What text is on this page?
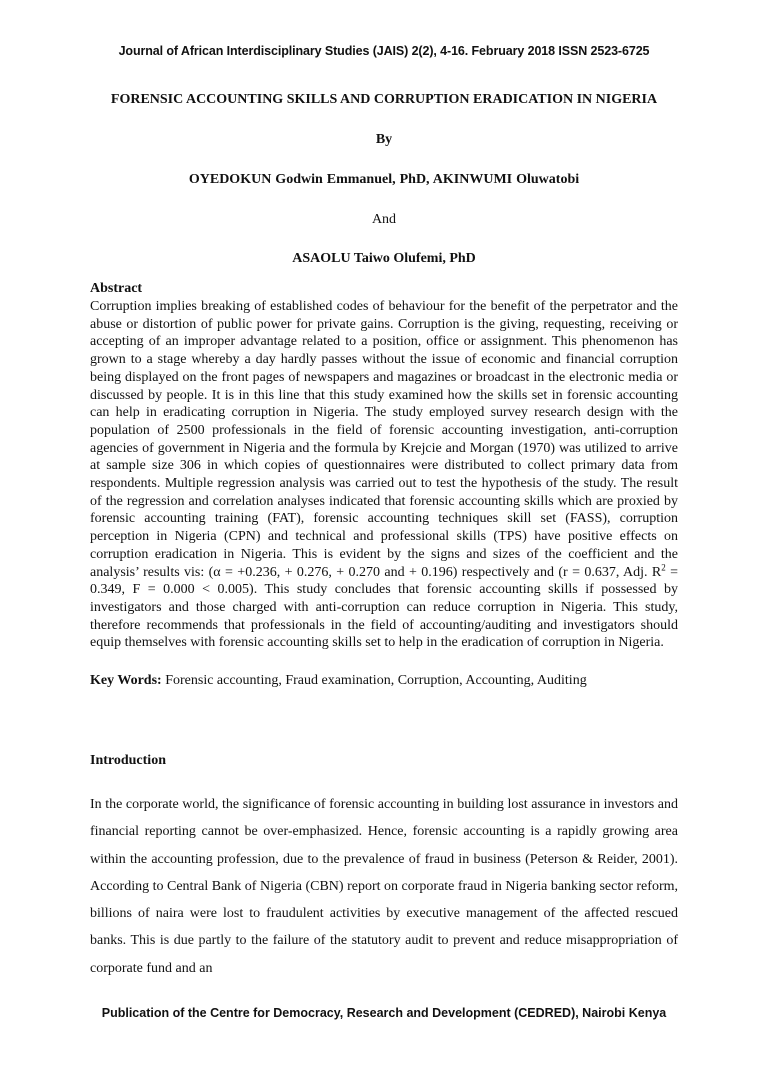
Journal of African Interdisciplinary Studies (JAIS) 2(2), 4-16. February 2018 ISSN 2523-6725
FORENSIC ACCOUNTING SKILLS AND CORRUPTION ERADICATION IN NIGERIA
By
OYEDOKUN Godwin Emmanuel, PhD, AKINWUMI Oluwatobi
And
ASAOLU Taiwo Olufemi, PhD
Abstract
Corruption implies breaking of established codes of behaviour for the benefit of the perpetrator and the abuse or distortion of public power for private gains. Corruption is the giving, requesting, receiving or accepting of an improper advantage related to a position, office or assignment. This phenomenon has grown to a stage whereby a day hardly passes without the issue of economic and financial corruption being displayed on the front pages of newspapers and magazines or broadcast in the electronic media or discussed by people. It is in this line that this study examined how the skills set in forensic accounting can help in eradicating corruption in Nigeria. The study employed survey research design with the population of 2500 professionals in the field of forensic accounting investigation, anti-corruption agencies of government in Nigeria and the formula by Krejcie and Morgan (1970) was utilized to arrive at sample size 306 in which copies of questionnaires were distributed to collect primary data from respondents. Multiple regression analysis was carried out to test the hypothesis of the study. The result of the regression and correlation analyses indicated that forensic accounting skills which are proxied by forensic accounting training (FAT), forensic accounting techniques skill set (FASS), corruption perception in Nigeria (CPN) and technical and professional skills (TPS) have positive effects on corruption eradication in Nigeria. This is evident by the signs and sizes of the coefficient and the analysis’ results vis: (α = +0.236, + 0.276, + 0.270 and + 0.196) respectively and (r = 0.637, Adj. $R^2 = 0.349$, F = 0.000 < 0.005). This study concludes that forensic accounting skills if possessed by investigators and those charged with anti-corruption can reduce corruption in Nigeria. This study, therefore recommends that professionals in the field of accounting/auditing and investigators should equip themselves with forensic accounting skills set to help in the eradication of corruption in Nigeria.
Key Words: Forensic accounting, Fraud examination, Corruption, Accounting, Auditing
Introduction
In the corporate world, the significance of forensic accounting in building lost assurance in investors and financial reporting cannot be over-emphasized. Hence, forensic accounting is a rapidly growing area within the accounting profession, due to the prevalence of fraud in business (Peterson & Reider, 2001). According to Central Bank of Nigeria (CBN) report on corporate fraud in Nigeria banking sector reform, billions of naira were lost to fraudulent activities by executive management of the affected rescued banks. This is due partly to the failure of the statutory audit to prevent and reduce misappropriation of corporate fund and an
Publication of the Centre for Democracy, Research and Development (CEDRED), Nairobi Kenya
